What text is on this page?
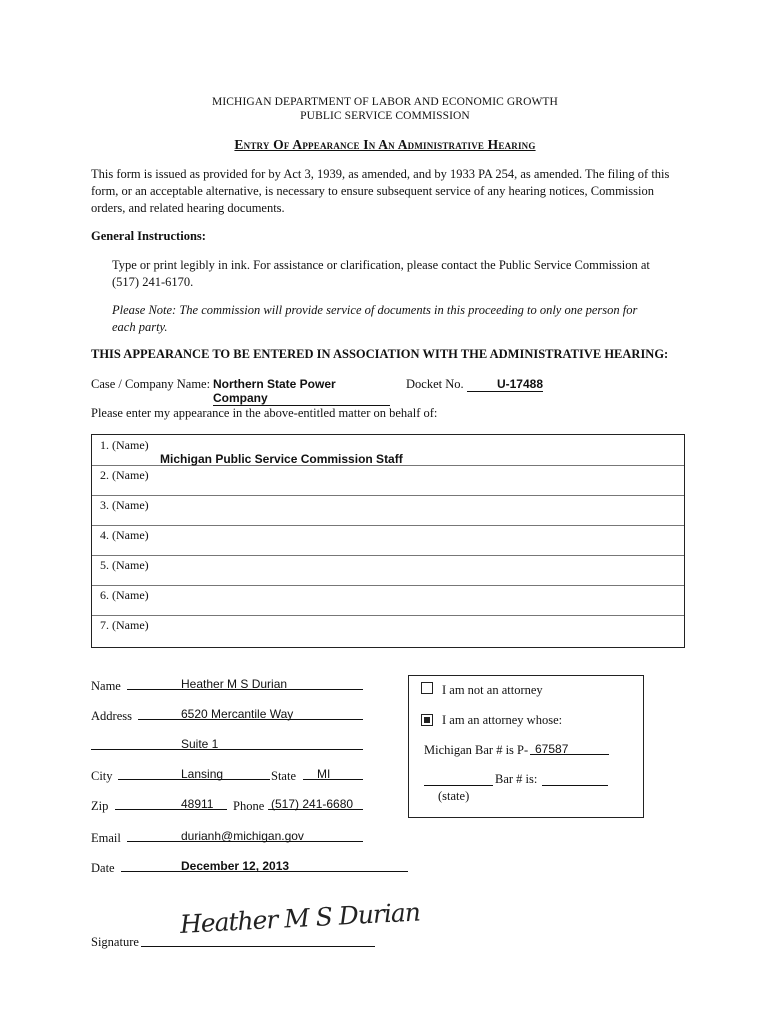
MICHIGAN DEPARTMENT OF LABOR AND ECONOMIC GROWTH
PUBLIC SERVICE COMMISSION
Entry Of Appearance In An Administrative Hearing
This form is issued as provided for by Act 3, 1939, as amended, and by 1933 PA 254, as amended. The filing of this form, or an acceptable alternative, is necessary to ensure subsequent service of any hearing notices, Commission orders, and related hearing documents.
General Instructions:
Type or print legibly in ink. For assistance or clarification, please contact the Public Service Commission at (517) 241-6170.
Please Note: The commission will provide service of documents in this proceeding to only one person for each party.
THIS APPEARANCE TO BE ENTERED IN ASSOCIATION WITH THE ADMINISTRATIVE HEARING:
Case / Company Name: Northern State Power Company
Docket No.	U-17488
Please enter my appearance in the above-entitled matter on behalf of:
1. (Name)
Michigan Public Service Commission Staff
2. (Name)
3. (Name)
4. (Name)
5. (Name)
6. (Name)
7. (Name)
Name	Heather M S Durian
Address	6520 Mercantile Way
Suite 1
City	Lansing	State	MI
Zip	48911	Phone (517) 241-6680
Email	durianh@michigan.gov
Date	December 12, 2013
Signature
Heather M S Durian
I am not an attorney
I am an attorney whose:
Michigan Bar # is P- 67587
Bar # is:
(state)
